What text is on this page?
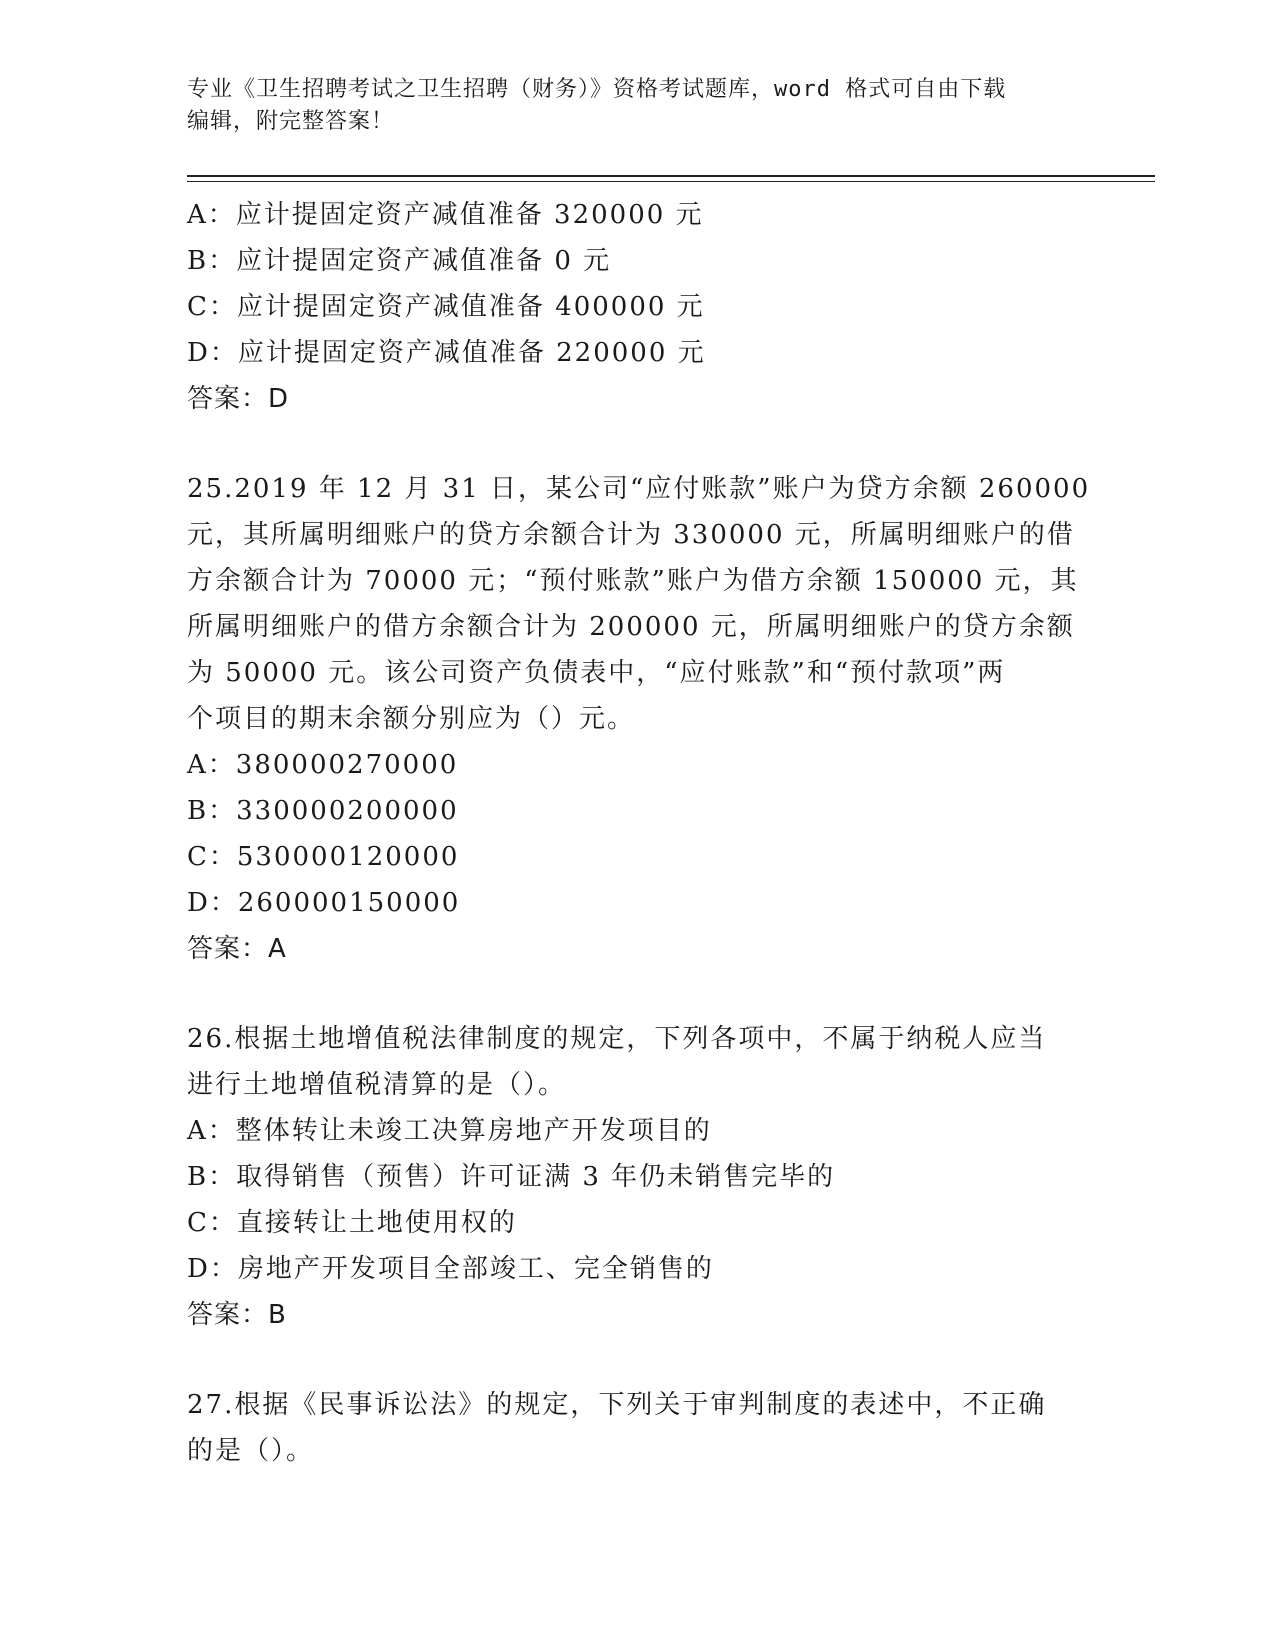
专业《卫生招聘考试之卫生招聘（财务）》资格考试题库，word 格式可自由下载
编辑，附完整答案！
A：应计提固定资产减值准备 320000 元
B：应计提固定资产减值准备 0 元
C：应计提固定资产减值准备 400000 元
D：应计提固定资产减值准备 220000 元
答案：D
25.2019 年 12 月 31 日，某公司“应付账款”账户为贷方余额 260000
元，其所属明细账户的贷方余额合计为 330000 元，所属明细账户的借
方余额合计为 70000 元；“预付账款”账户为借方余额 150000 元，其
所属明细账户的借方余额合计为 200000 元，所属明细账户的贷方余额
为 50000 元。该公司资产负债表中，“应付账款”和“预付款项”两
个项目的期末余额分别应为（）元。
A：380000270000
B：330000200000
C：530000120000
D：260000150000
答案：A
26.根据土地增值税法律制度的规定，下列各项中，不属于纳税人应当
进行土地增值税清算的是（）。
A：整体转让未竣工决算房地产开发项目的
B：取得销售（预售）许可证满 3 年仍未销售完毕的
C：直接转让土地使用权的
D：房地产开发项目全部竣工、完全销售的
答案：B
27.根据《民事诉讼法》的规定，下列关于审判制度的表述中，不正确
的是（）。
